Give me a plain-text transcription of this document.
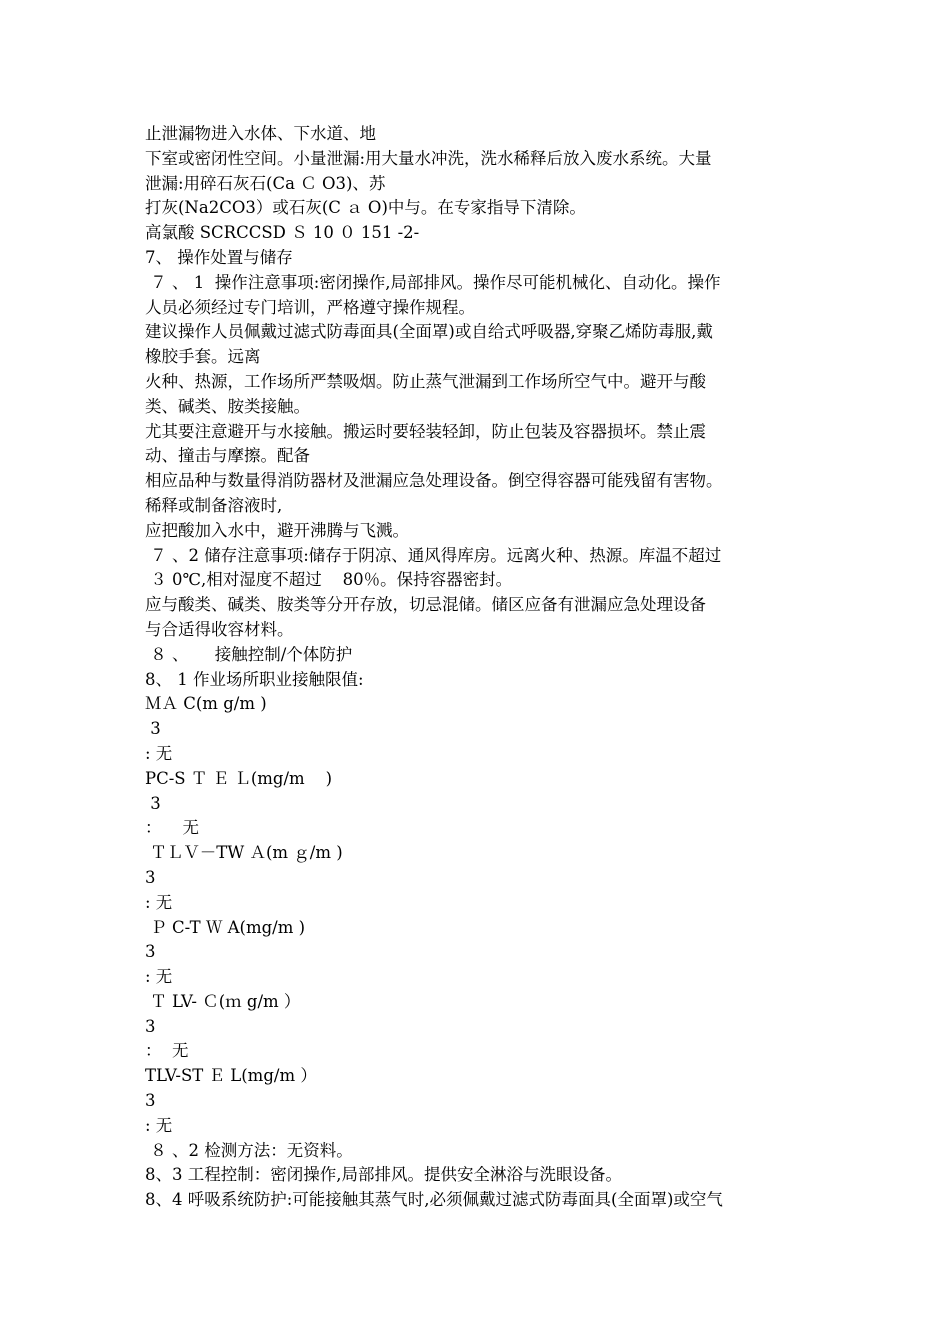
止泄漏物进入水体、下水道、地

下室或密闭性空间。小量泄漏:用大量水冲洗，洗水稀释后放入废水系统。大量

泄漏:用碎石灰石(Ca Ｃ O3)、苏

打灰(Na2CO3）或石灰(C ａ O)中与。在专家指导下清除。

高氯酸 SCRCCSD Ｓ 10 ０ 151 -2-

7、 操作处置与储存

７ 、 1  操作注意事项:密闭操作,局部排风。操作尽可能机械化、自动化。操作

人员必须经过专门培训，严格遵守操作规程。

建议操作人员佩戴过滤式防毒面具(全面罩)或自给式呼吸器,穿聚乙烯防毒服,戴

橡胶手套。远离

火种、热源，工作场所严禁吸烟。防止蒸气泄漏到工作场所空气中。避开与酸

类、碱类、胺类接触。

尤其要注意避开与水接触。搬运时要轻装轻卸，防止包装及容器损坏。禁止震

动、撞击与摩擦。配备

相应品种与数量得消防器材及泄漏应急处理设备。倒空得容器可能残留有害物。

稀释或制备溶液时,

应把酸加入水中，避开沸腾与飞溅。

７ 、2 储存注意事项:储存于阴凉、通风得库房。远离火种、热源。库温不超过

３ 0℃,相对湿度不超过    80％。保持容器密封。

应与酸类、碱类、胺类等分开存放，切忌混储。储区应备有泄漏应急处理设备

与合适得收容材料。

８ 、     接触控制/个体防护

8、 1 作业场所职业接触限值:

ＭＡ C(m g/m )

3

: 无

PC-S Ｔ Ｅ Ｌ(mg/m    )

3

：    无

ＴＬＶ－TW Ａ(m ｇ/m )

3

: 无

Ｐ C-T Ｗ A(mg/m )

3

: 无

Ｔ LV- Ｃ(ｍ g/m ）

3

：  无

TLV-ST Ｅ L(mg/m ）

3

: 无

８ 、2 检测方法：无资料。

8、3 工程控制：密闭操作,局部排风。提供安全淋浴与洗眼设备。

8、4 呼吸系统防护:可能接触其蒸气时,必须佩戴过滤式防毒面具(全面罩)或空气
